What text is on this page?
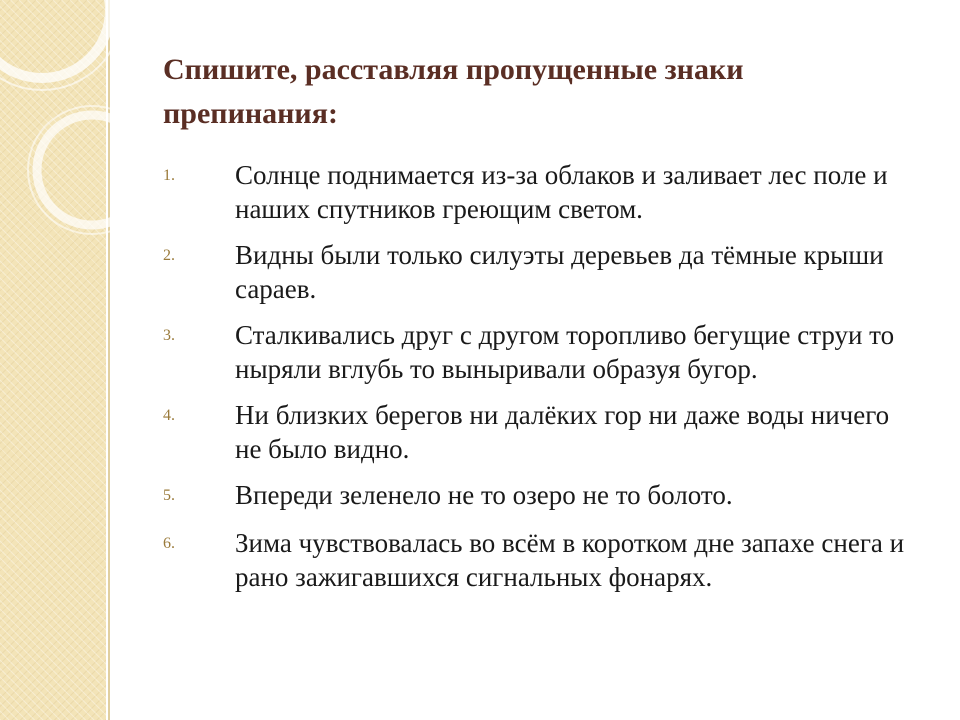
Спишите, расставляя пропущенные знаки препинания:
1.	Солнце поднимается из-за облаков и заливает лес поле и наших спутников греющим светом.
2.	Видны были только силуэты деревьев да тёмные крыши сараев.
3.	Сталкивались друг с другом торопливо бегущие струи то ныряли вглубь то выныривали образуя бугор.
4.	Ни близких берегов ни далёких гор ни даже воды ничего не было видно.
5.	Впереди зеленело не то озеро не то болото.
6.	Зима чувствовалась во всём в коротком дне запахе снега и рано зажигавшихся сигнальных фонарях.
